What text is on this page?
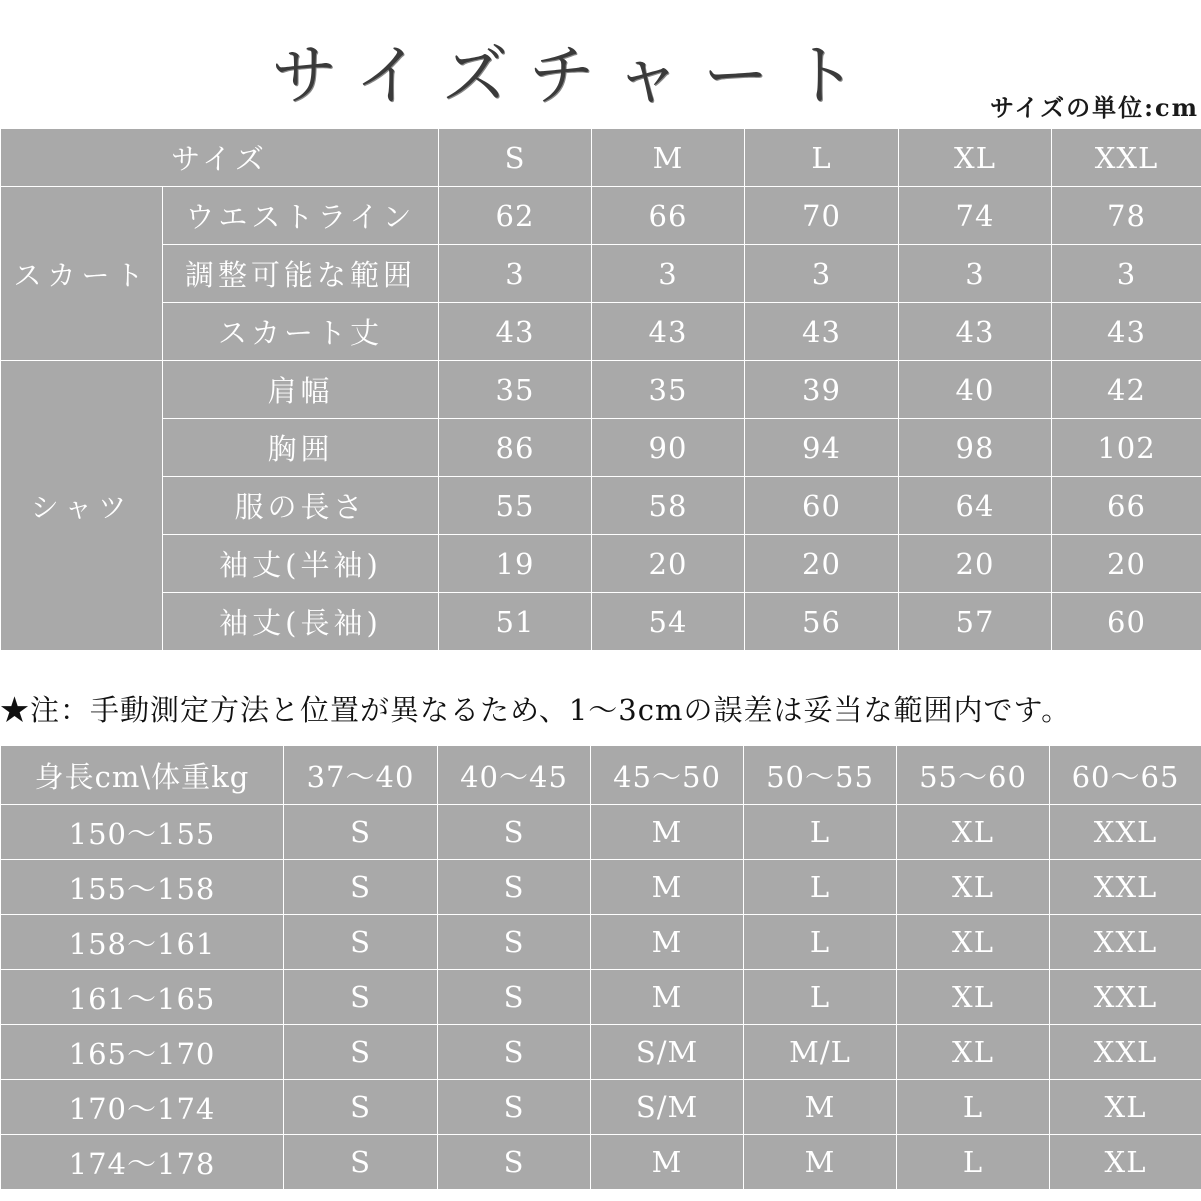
サイズチャート	サイズの単位:cm
サイズ		S	M	L	XL	XXL
スカート	ウエストライン	62	66	70	74	78
	調整可能な範囲	3	3	3	3	3
	スカート丈	43	43	43	43	43
シャツ	肩幅	35	35	39	40	42
	胸囲	86	90	94	98	102
	服の長さ	55	58	60	64	66
	袖丈(半袖)	19	20	20	20	20
	袖丈(長袖)	51	54	56	57	60
★注：手動測定方法と位置が異なるため、1～3cmの誤差は妥当な範囲内です。
身長cm\体重kg	37～40	40～45	45～50	50～55	55～60	60～65
150～155	S	S	M	L	XL	XXL
155～158	S	S	M	L	XL	XXL
158～161	S	S	M	L	XL	XXL
161～165	S	S	M	L	XL	XXL
165～170	S	S	S/M	M/L	XL	XXL
170～174	S	S	S/M	M	L	XL
174～178	S	S	M	M	L	XL
